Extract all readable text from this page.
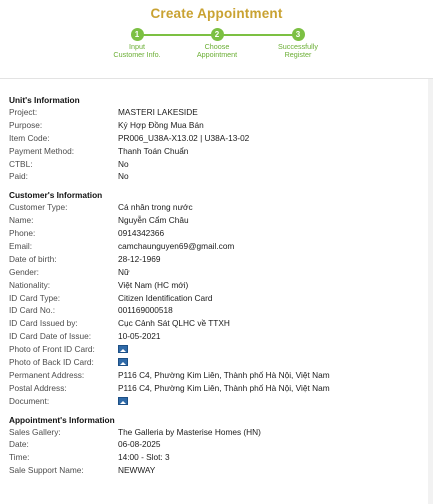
Create Appointment
1
Input
Customer Info.
2
Choose
Appointment
3
Successfully
Register
Unit's Information
Project:	MASTERI LAKESIDE
Purpose:	Ký Hợp Đồng Mua Bán
Item Code:	PR006_U38A-X13.02 | U38A-13-02
Payment Method:	Thanh Toán Chuẩn
CTBL:	No
Paid:	No
Customer's Information
Customer Type:	Cá nhân trong nước
Name:	Nguyễn Cẩm Châu
Phone:	0914342366
Email:	camchaunguyen69@gmail.com
Date of birth:	28-12-1969
Gender:	Nữ
Nationality:	Việt Nam (HC mới)
ID Card Type:	Citizen Identification Card
ID Card No.:	001169000518
ID Card Issued by:	Cục Cảnh Sát QLHC về TTXH
ID Card Date of Issue:	10-05-2021
Photo of Front ID Card:
Photo of Back ID Card:
Permanent Address:	P116 C4, Phường Kim Liên, Thành phố Hà Nội, Việt Nam
Postal Address:	P116 C4, Phường Kim Liên, Thành phố Hà Nội, Việt Nam
Document:
Appointment's Information
Sales Gallery:	The Galleria by Masterise Homes (HN)
Date:	06-08-2025
Time:	14:00 - Slot: 3
Sale Support Name:	NEWWAY
